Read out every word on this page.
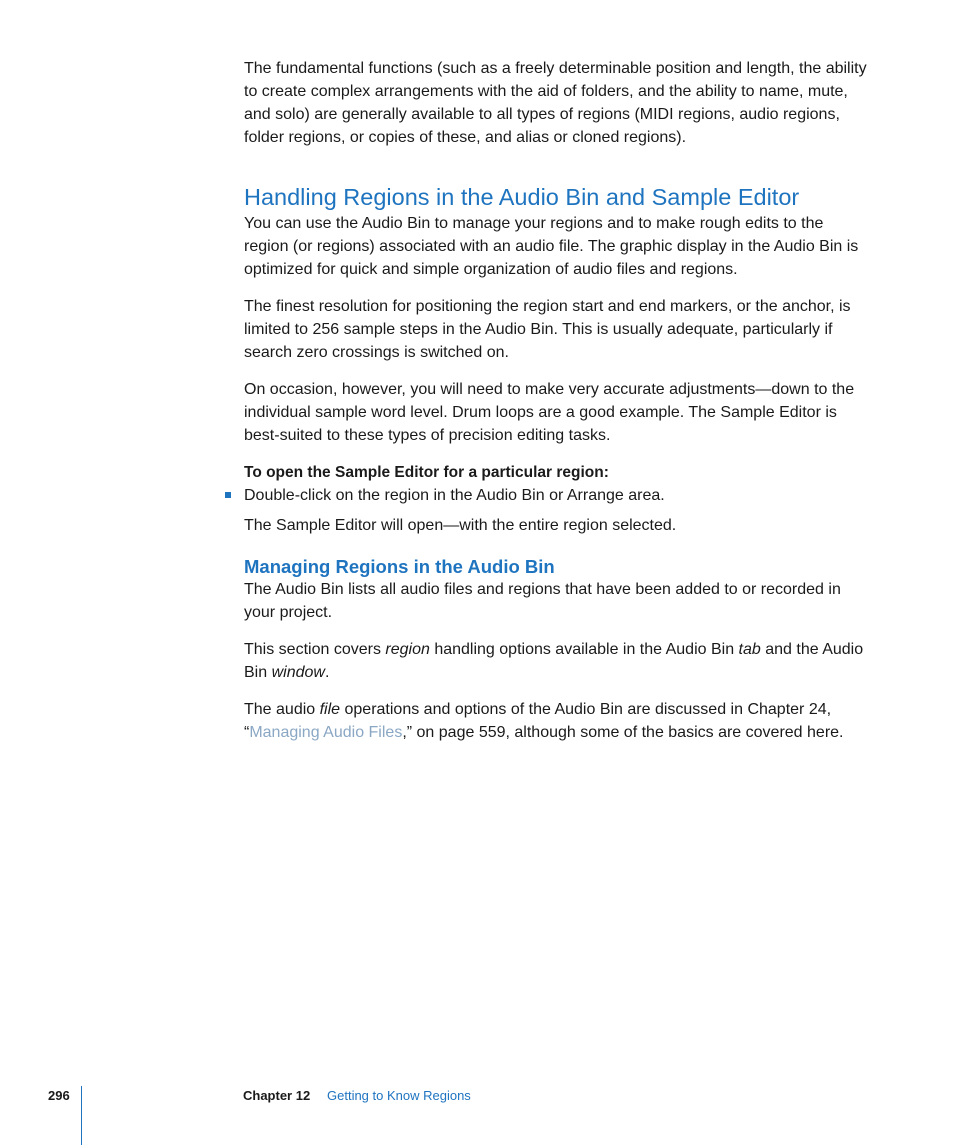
The fundamental functions (such as a freely determinable position and length, the ability to create complex arrangements with the aid of folders, and the ability to name, mute, and solo) are generally available to all types of regions (MIDI regions, audio regions, folder regions, or copies of these, and alias or cloned regions).

Handling Regions in the Audio Bin and Sample Editor

You can use the Audio Bin to manage your regions and to make rough edits to the region (or regions) associated with an audio file. The graphic display in the Audio Bin is optimized for quick and simple organization of audio files and regions.

The finest resolution for positioning the region start and end markers, or the anchor, is limited to 256 sample steps in the Audio Bin. This is usually adequate, particularly if search zero crossings is switched on.

On occasion, however, you will need to make very accurate adjustments—down to the individual sample word level. Drum loops are a good example. The Sample Editor is best-suited to these types of precision editing tasks.

To open the Sample Editor for a particular region:
Double-click on the region in the Audio Bin or Arrange area.

The Sample Editor will open—with the entire region selected.

Managing Regions in the Audio Bin

The Audio Bin lists all audio files and regions that have been added to or recorded in your project.

This section covers region handling options available in the Audio Bin tab and the Audio Bin window.

The audio file operations and options of the Audio Bin are discussed in Chapter 24, “Managing Audio Files,” on page 559, although some of the basics are covered here.

296	Chapter 12 Getting to Know Regions
